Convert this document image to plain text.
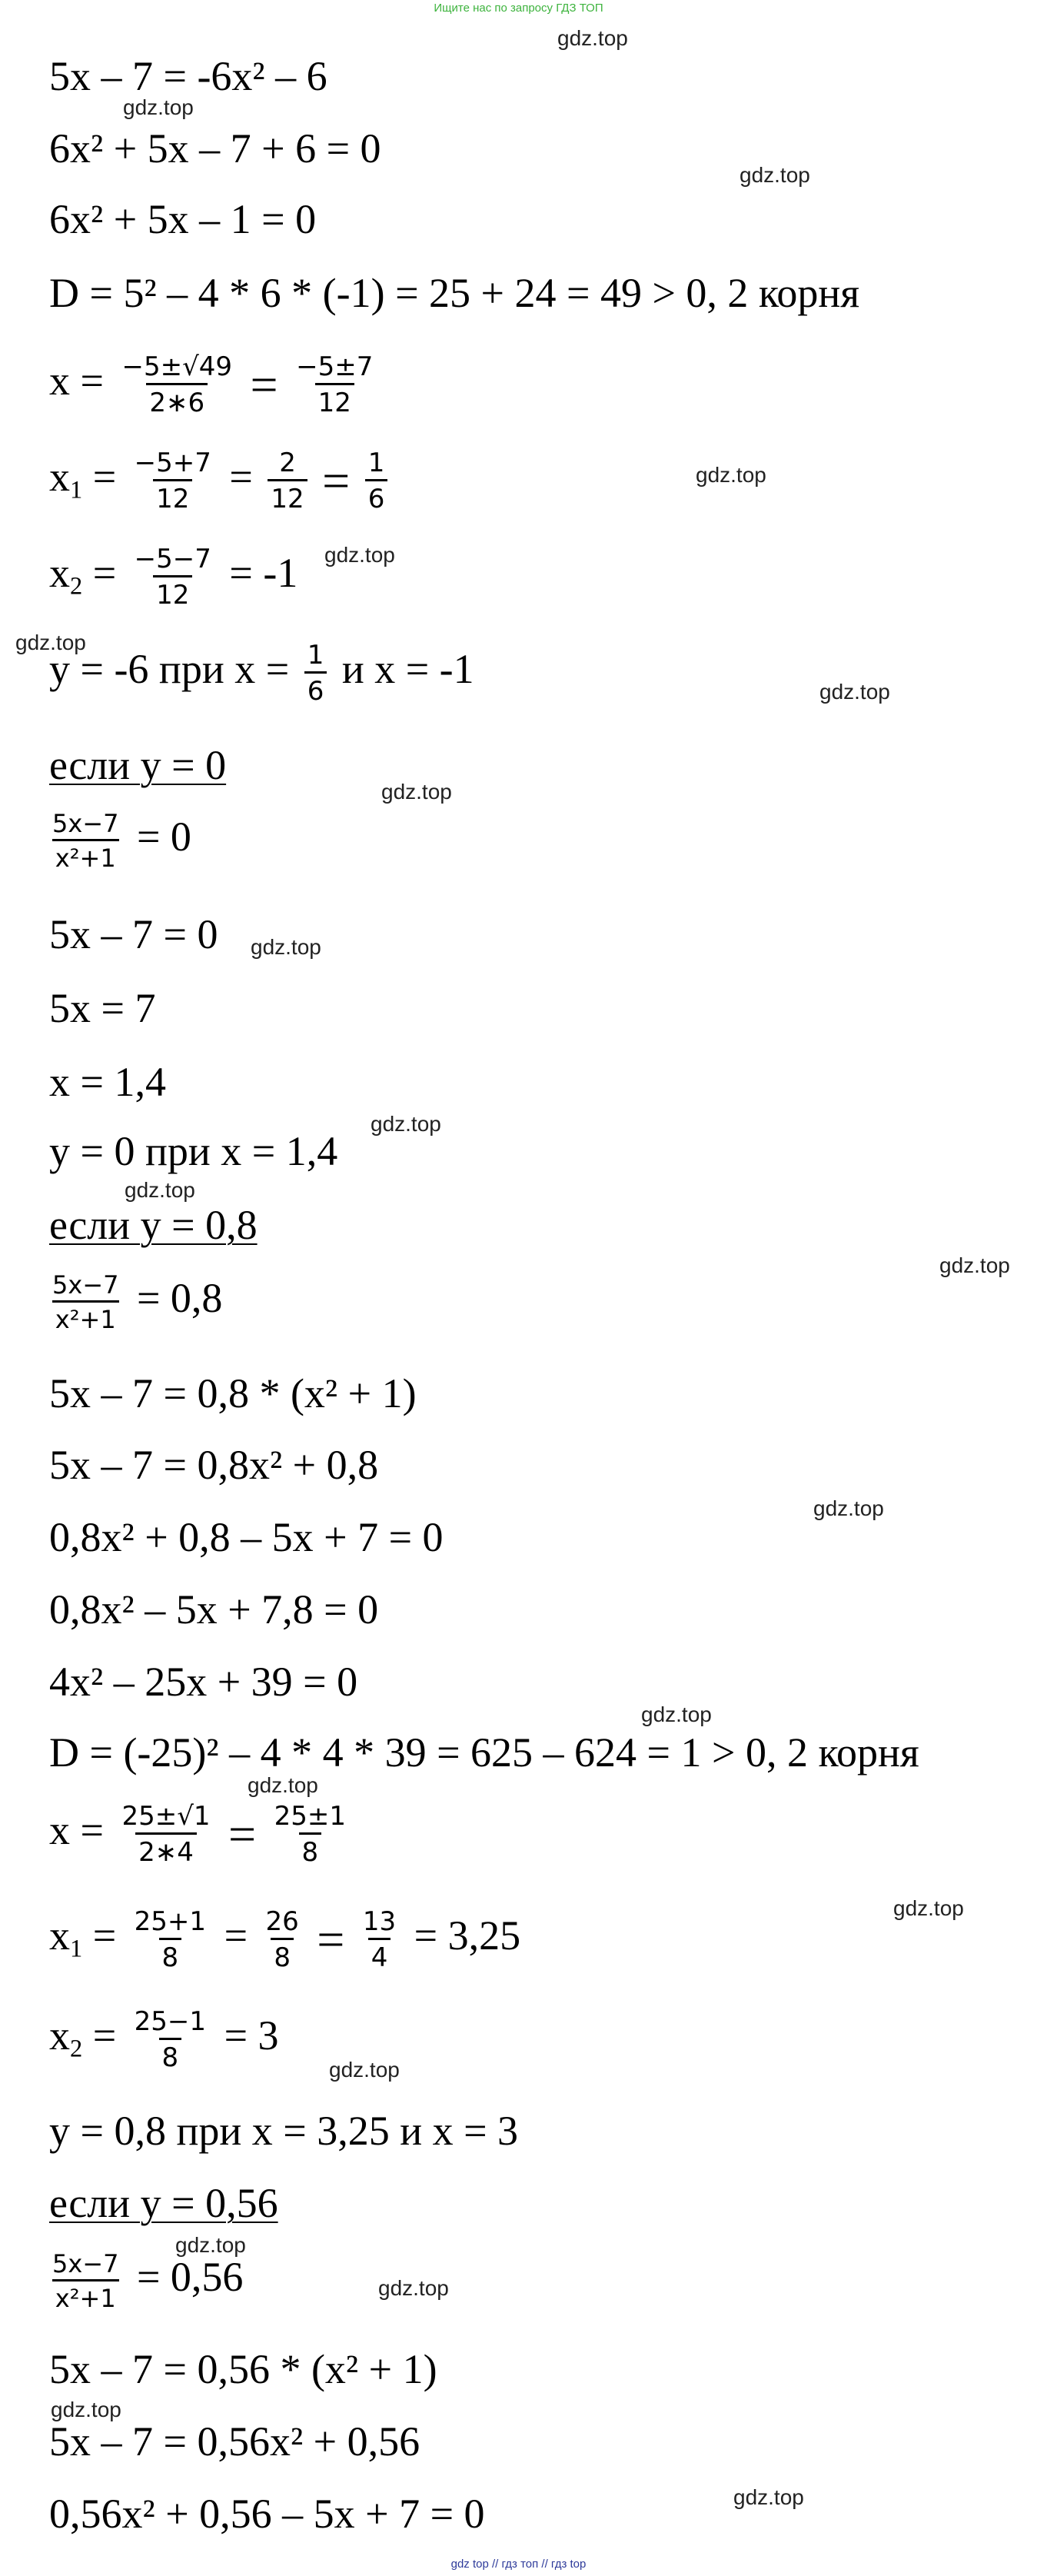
Ищите нас по запросу ГДЗ ТОП
5x – 7 = -6x² – 6
6x² + 5x – 7 + 6 = 0
6x² + 5x – 1 = 0
D = 5² – 4 * 6 * (-1) = 25 + 24 = 49 > 0, 2 корня
$x = \frac{-5\pm√49}{2∗6} = \frac{-5\pm 7}{12}$
$x_1 = \frac{-5+7}{12} = \frac{2}{12} = \frac{1}{6}$
$x_2 = \frac{-5-7}{12} = -1$
y = -6 при $x = \frac{1}{6}$ и x = -1
если y = 0
$\frac{5x-7}{\text{x²+1}} = 0$
5x – 7 = 0
5x = 7
x = 1,4
y = 0 при x = 1,4
если y = 0,8
$\frac{5x-7}{\text{x²+1}} = 0,8$
5x – 7 = 0,8 * (x² + 1)
5x – 7 = 0,8x² + 0,8
0,8x² + 0,8 – 5x + 7 = 0
0,8x² – 5x + 7,8 = 0
4x² – 25x + 39 = 0
D = (-25)² – 4 * 4 * 39 = 625 – 624 = 1 > 0, 2 корня
$x = \frac{25\pm√1}{2∗4} = \frac{25\pm 1}{8}$
$x_1 = \frac{25+1}{8} = \frac{26}{8} = \frac{13}{4} = 3,25$
$x_2 = \frac{25-1}{8} = 3$
y = 0,8 при x = 3,25 и x = 3
если y = 0,56
$\frac{5x-7}{\text{x²+1}} = 0,56$
5x – 7 = 0,56 * (x² + 1)
5x – 7 = 0,56x² + 0,56
0,56x² + 0,56 – 5x + 7 = 0
gdz.top
gdz.top
gdz.top
gdz.top
gdz.top
gdz.top
gdz.top
gdz.top
gdz.top
gdz.top
gdz.top
gdz.top
gdz.top
gdz.top
gdz.top
gdz.top
gdz.top
gdz.top
gdz.top
gdz.top
gdz.top
gdz top // гдз топ // гдз top
